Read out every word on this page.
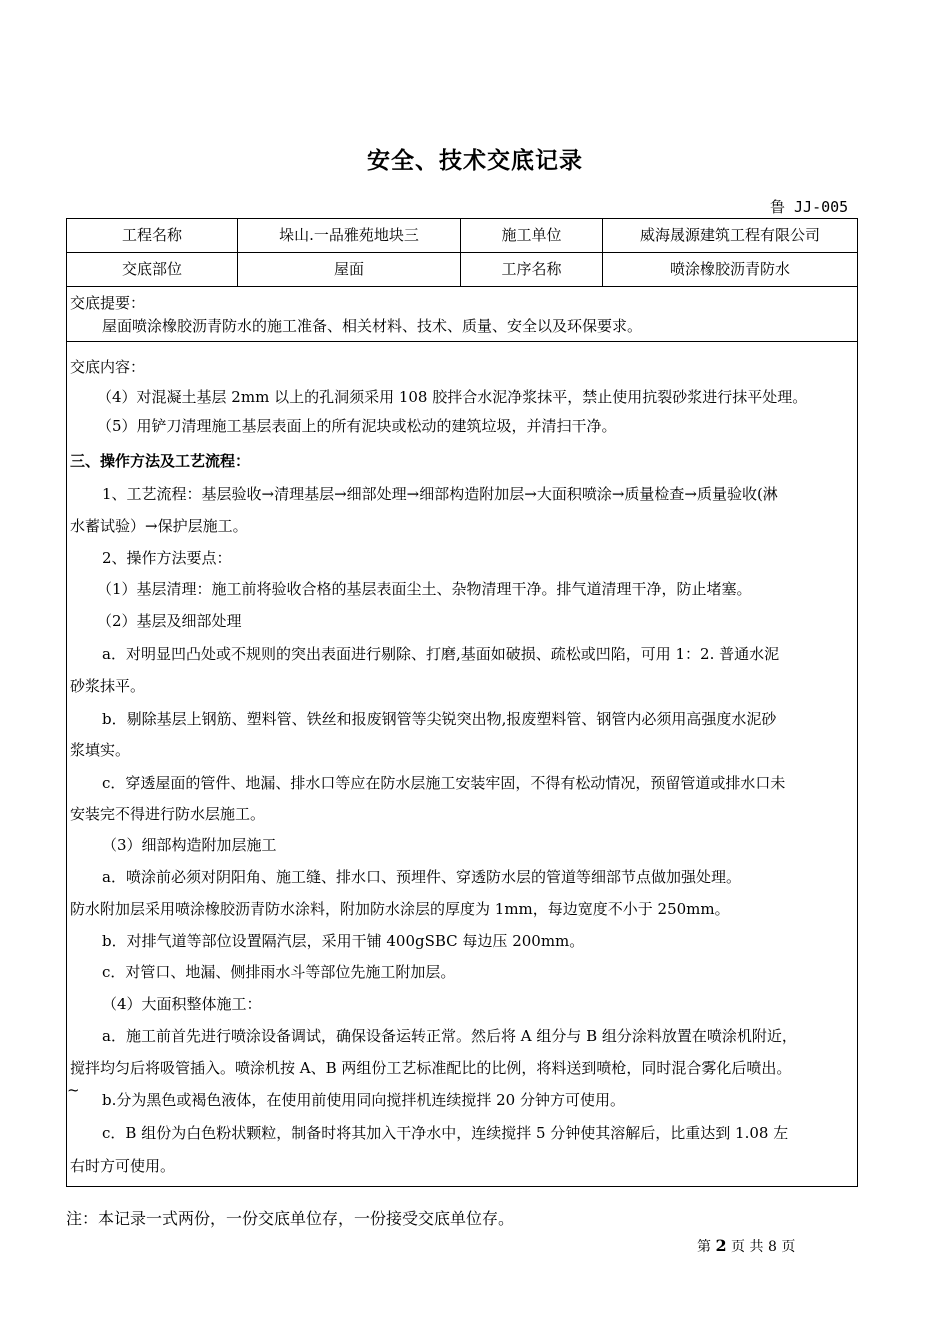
安全、技术交底记录
鲁 JJ-005
工程名称	垛山.一品雅苑地块三	施工单位	威海晟源建筑工程有限公司
交底部位	屋面	工序名称	喷涂橡胶沥青防水
交底提要：
屋面喷涂橡胶沥青防水的施工准备、相关材料、技术、质量、安全以及环保要求。
交底内容：
（4）对混凝土基层 2mm 以上的孔洞须采用 108 胶拌合水泥净浆抹平，禁止使用抗裂砂浆进行抹平处理。
（5）用铲刀清理施工基层表面上的所有泥块或松动的建筑垃圾，并清扫干净。
三、操作方法及工艺流程：
1、工艺流程：基层验收→清理基层→细部处理→细部构造附加层→大面积喷涂→质量检查→质量验收(淋
水蓄试验）→保护层施工。
2、操作方法要点：
（1）基层清理：施工前将验收合格的基层表面尘土、杂物清理干净。排气道清理干净，防止堵塞。
（2）基层及细部处理
a．对明显凹凸处或不规则的突出表面进行剔除、打磨,基面如破损、疏松或凹陷，可用 1：2. 普通水泥
砂浆抹平。
b．剔除基层上钢筋、塑料管、铁丝和报废钢管等尖锐突出物,报废塑料管、钢管内必须用高强度水泥砂
浆填实。
c．穿透屋面的管件、地漏、排水口等应在防水层施工安装牢固，不得有松动情况，预留管道或排水口未
安装完不得进行防水层施工。
（3）细部构造附加层施工
a．喷涂前必须对阴阳角、施工缝、排水口、预埋件、穿透防水层的管道等细部节点做加强处理。
防水附加层采用喷涂橡胶沥青防水涂料，附加防水涂层的厚度为 1mm，每边宽度不小于 250mm。
b．对排气道等部位设置隔汽层，采用干铺 400gSBC 每边压 200mm。
c．对管口、地漏、侧排雨水斗等部位先施工附加层。
（4）大面积整体施工：
a．施工前首先进行喷涂设备调试，确保设备运转正常。然后将 A 组分与 B 组分涂料放置在喷涂机附近，
搅拌均匀后将吸管插入。喷涂机按 A、B 两组份工艺标准配比的比例，将料送到喷枪，同时混合雾化后喷出。
~
b.分为黑色或褐色液体，在使用前使用同向搅拌机连续搅拌 20 分钟方可使用。
c．B 组份为白色粉状颗粒，制备时将其加入干净水中，连续搅拌 5 分钟使其溶解后，比重达到 1.08 左
右时方可使用。
注：本记录一式两份，一份交底单位存，一份接受交底单位存。
第 2 页 共 8 页
